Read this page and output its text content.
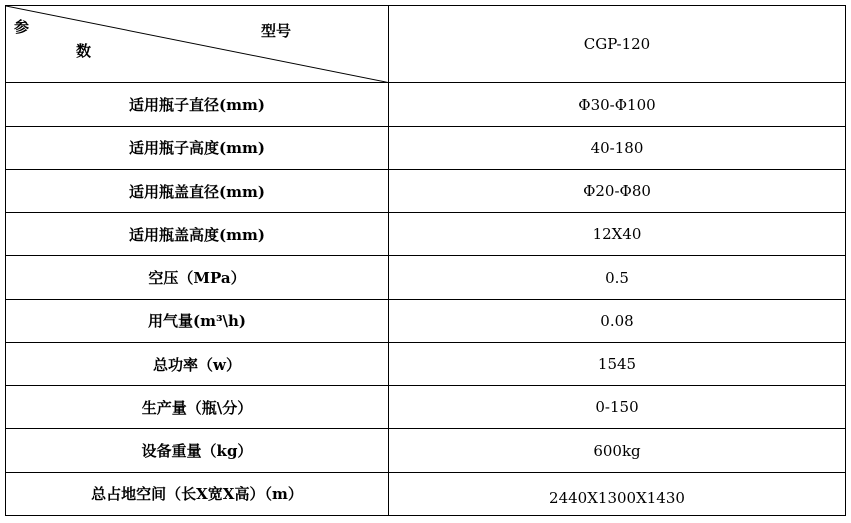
参
数
型号	CGP-120
适用瓶子直径(mm)	Φ30-Φ100
适用瓶子高度(mm)	40-180
适用瓶盖直径(mm)	Φ20-Φ80
适用瓶盖高度(mm)	12X40
空压（MPa）	0.5
用气量(m³\h)	0.08
总功率（w）	1545
生产量（瓶\分）	0-150
设备重量（kg）	600kg
总占地空间（长X宽X高）（m）	2440X1300X1430
